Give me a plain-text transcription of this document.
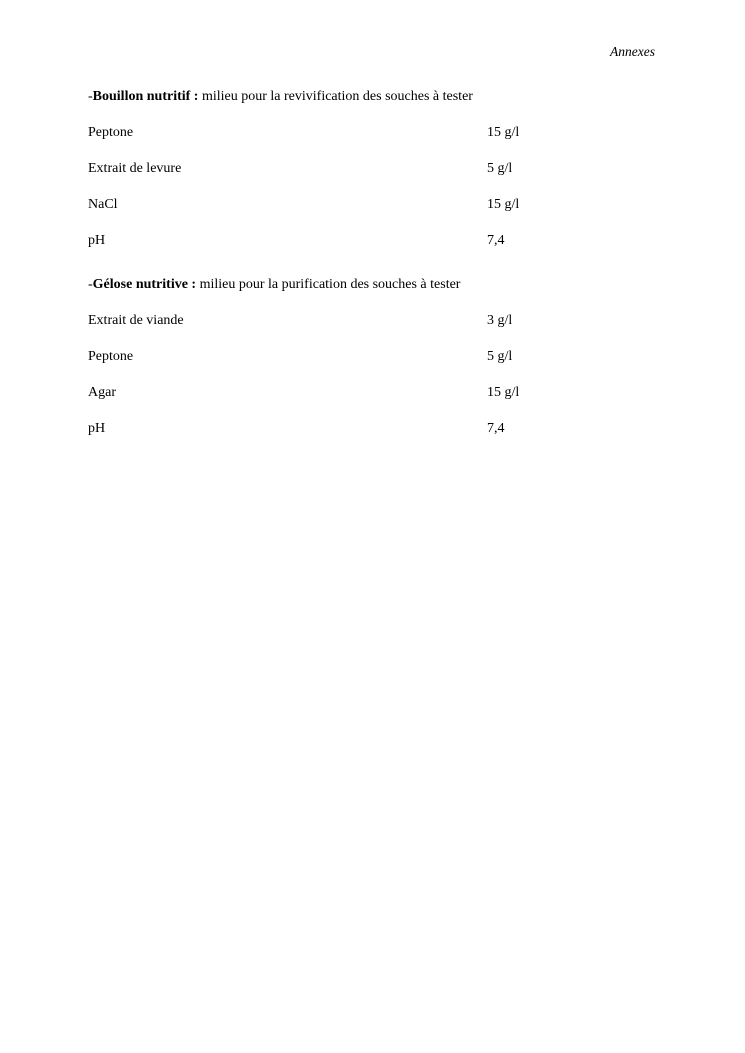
Annexes
-Bouillon nutritif : milieu pour la revivification des souches à tester
Peptone	15 g/l
Extrait de levure	5 g/l
NaCl	15 g/l
pH	7,4
-Gélose nutritive : milieu pour la purification des souches à tester
Extrait de viande	3 g/l
Peptone	5 g/l
Agar	15 g/l
pH	7,4
